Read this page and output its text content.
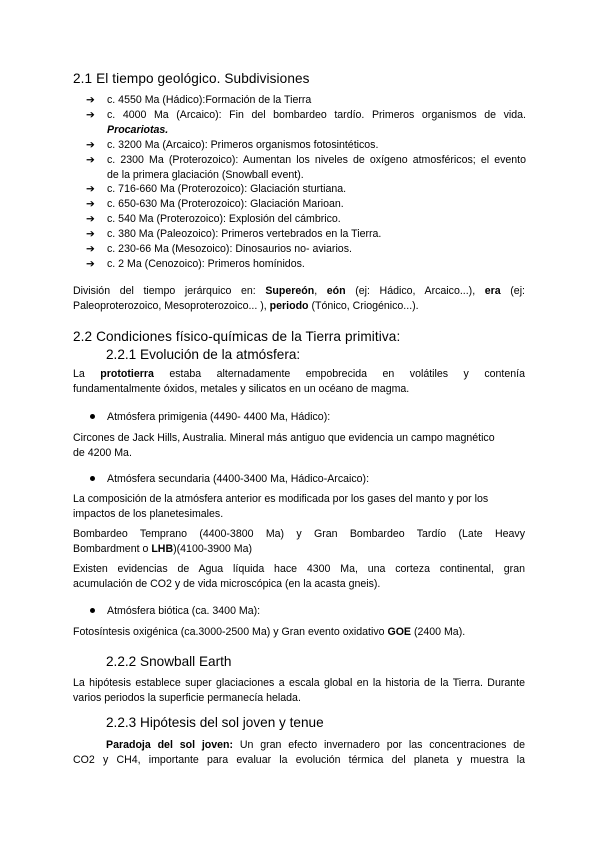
2.1 El tiempo geológico. Subdivisiones
➔ c. 4550 Ma (Hádico):Formación de la Tierra
➔ c. 4000 Ma (Arcaico): Fin del bombardeo tardío. Primeros organismos de vida.
Procariotas.
➔ c. 3200 Ma (Arcaico): Primeros organismos fotosintéticos.
➔ c. 2300 Ma (Proterozoico): Aumentan los niveles de oxígeno atmosféricos; el evento
de la primera glaciación (Snowball event).
➔ c. 716-660 Ma (Proterozoico): Glaciación sturtiana.
➔ c. 650-630 Ma (Proterozoico): Glaciación Marioan.
➔ c. 540 Ma (Proterozoico): Explosión del cámbrico.
➔ c. 380 Ma (Paleozoico): Primeros vertebrados en la Tierra.
➔ c. 230-66 Ma (Mesozoico): Dinosaurios no- aviarios.
➔ c. 2 Ma (Cenozoico): Primeros homínidos.

División del tiempo jerárquico en: Supereón, eón (ej: Hádico, Arcaico...), era (ej:

Paleoproterozoico, Mesoproterozoico... ), periodo (Tónico, Criogénico...).

2.2 Condiciones físico-químicas de la Tierra primitiva:
2.2.1 Evolución de la atmósfera:

La prototierra estaba alternadamente empobrecida en volátiles y contenía

fundamentalmente óxidos, metales y silicatos en un océano de magma.

Atmósfera primigenia (4490- 4400 Ma, Hádico):

Circones de Jack Hills, Australia. Mineral más antiguo que evidencia un campo magnético

de 4200 Ma.

Atmósfera secundaria (4400-3400 Ma, Hádico-Arcaico):

La composición de la atmósfera anterior es modificada por los gases del manto y por los

impactos de los planetesimales.

Bombardeo Temprano (4400-3800 Ma) y Gran Bombardeo Tardío (Late Heavy

Bombardment o LHB)(4100-3900 Ma)

Existen evidencias de Agua líquida hace 4300 Ma, una corteza continental, gran

acumulación de CO2 y de vida microscópica (en la acasta gneis).

Atmósfera biótica (ca. 3400 Ma):

Fotosíntesis oxigénica (ca.3000-2500 Ma) y Gran evento oxidativo GOE (2400 Ma).

2.2.2 Snowball Earth

La hipótesis establece super glaciaciones a escala global en la historia de la Tierra. Durante

varios periodos la superficie permanecía helada.

2.2.3 Hipótesis del sol joven y tenue

Paradoja del sol joven: Un gran efecto invernadero por las concentraciones de

CO2 y CH4, importante para evaluar la evolución térmica del planeta y muestra la
